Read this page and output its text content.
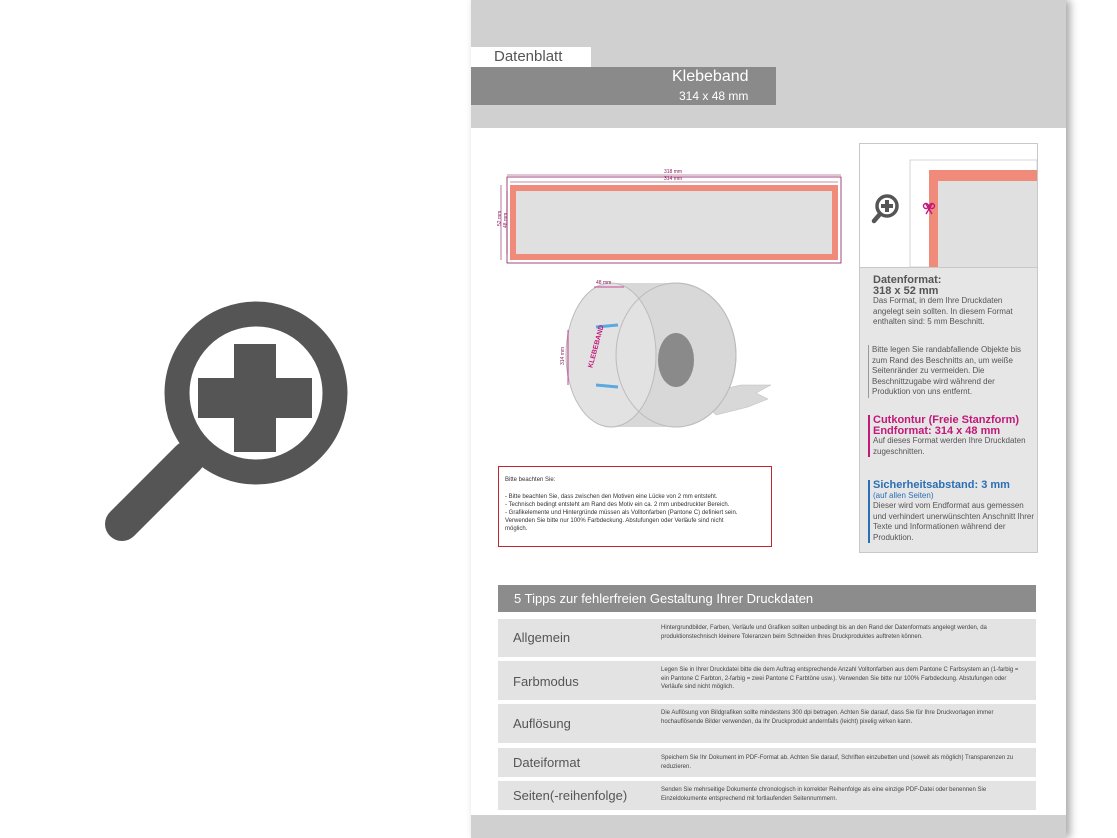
Datenblatt
Klebeband
314 x 48 mm
318 mm
314 mm
52 mm 48 mm
48 mm
314 mm	KLEBEBAND
Bitte beachten Sie:
- Bitte beachten Sie, dass zwischen den Motiven eine Lücke von 2 mm entsteht.
- Technisch bedingt entsteht am Rand des Motiv ein ca. 2 mm unbedruckter Bereich.
- Grafikelemente und Hintergründe müssen als Volltonfarben (Pantone C) definiert sein.
Verwenden Sie bitte nur 100% Farbdeckung. Abstufungen oder Verläufe sind nicht
möglich.
Datenformat:
318 x 52 mm
Das Format, in dem Ihre Druckdaten angelegt sein sollten. In diesem Format enthalten sind: 5 mm Beschnitt.
Bitte legen Sie randabfallende Objekte bis zum Rand des Beschnitts an, um weiße Seitenränder zu vermeiden. Die Beschnittzugabe wird während der Produktion von uns entfernt.
Cutkontur (Freie Stanzform)
Endformat: 314 x 48 mm
Auf dieses Format werden Ihre Druckdaten zugeschnitten.
Sicherheitsabstand: 3 mm
(auf allen Seiten)
Dieser wird vom Endformat aus gemessen und verhindert unerwünschten Anschnitt Ihrer Texte und Informationen während der Produktion.
5 Tipps zur fehlerfreien Gestaltung Ihrer Druckdaten
Allgemein
Hintergrundbilder, Farben, Verläufe und Grafiken sollten unbedingt bis an den Rand der Datenformats angelegt werden, da produktionstechnisch kleinere Toleranzen beim Schneiden Ihres Druckproduktes auftreten können.
Farbmodus
Legen Sie in Ihrer Druckdatei bitte die dem Auftrag entsprechende Anzahl Volltonfarben aus dem Pantone C Farbsystem an (1-farbig = ein Pantone C Farbton, 2-farbig = zwei Pantone C Farbtöne usw.). Verwenden Sie bitte nur 100% Farbdeckung. Abstufungen oder Verläufe sind nicht möglich.
Auflösung
Die Auflösung von Bildgrafiken sollte mindestens 300 dpi betragen. Achten Sie darauf, dass Sie für Ihre Druckvorlagen immer hochauflösende Bilder verwenden, da Ihr Druckprodukt andernfalls (leicht) pixelig wirken kann.
Dateiformat	Speichern Sie Ihr Dokument im PDF-Format ab. Achten Sie darauf, Schriften einzubetten und (soweit als möglich) Transparenzen zu reduzieren.
Seiten(-reihenfolge)	Senden Sie mehrseitige Dokumente chronologisch in korrekter Reihenfolge als eine einzige PDF-Datei oder benennen Sie Einzeldokumente entsprechend mit fortlaufenden Seitennummern.
